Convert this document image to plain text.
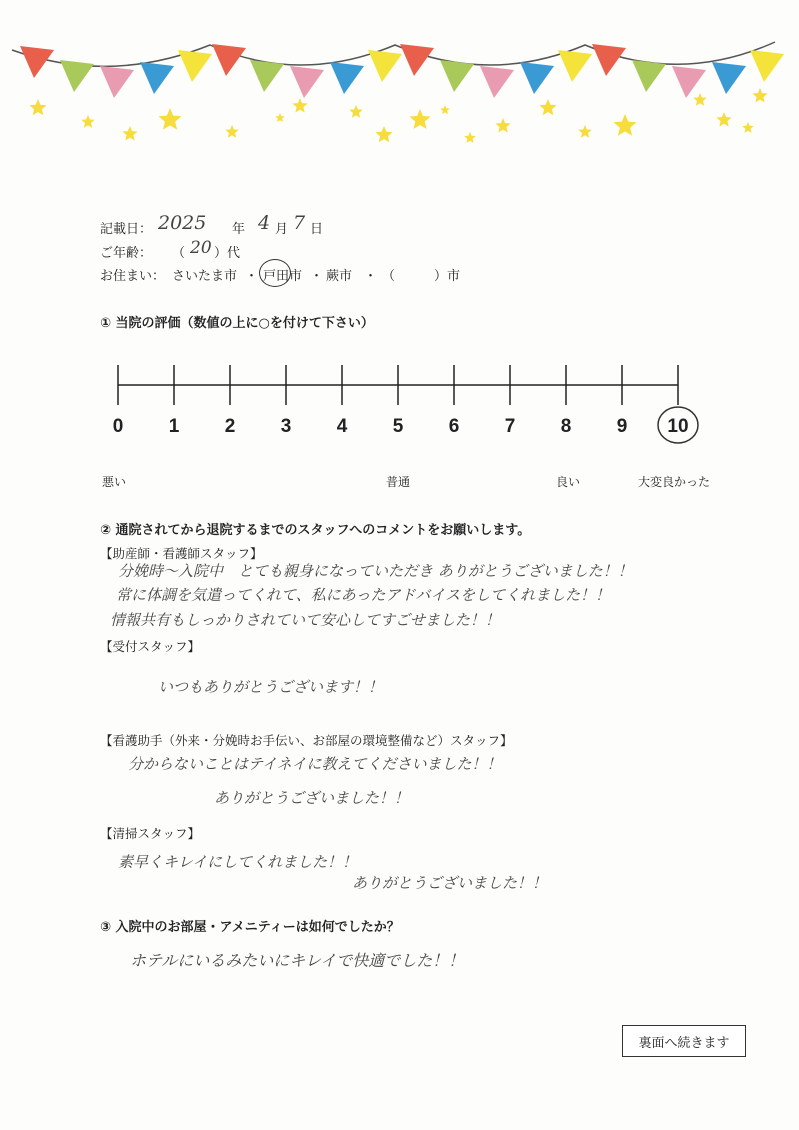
記載日： 2025 年 4 月 7 日
ご年齢： （ 20 ）代
お住まい： さいたま市 ・ 戸田市 ・ 蕨市 ・ （　　　）市
① 当院の評価（数値の上に○を付けて下さい）
0 1 2 3 4 5 6 7 8 9 10
悪い	普通	良い	大変良かった
② 通院されてから退院するまでのスタッフへのコメントをお願いします。
【助産師・看護師スタッフ】
分娩時～入院中　とても親身になっていただき ありがとうございました！！
常に体調を気遣ってくれて、私にあったアドバイスをしてくれました！！
情報共有もしっかりされていて安心してすごせました！！
【受付スタッフ】
いつもありがとうございます！！
【看護助手（外来・分娩時お手伝い、お部屋の環境整備など）スタッフ】
分からないことはテイネイに教えてくださいました！！
ありがとうございました！！
【清掃スタッフ】
素早くキレイにしてくれました！！
ありがとうございました！！
③ 入院中のお部屋・アメニティーは如何でしたか？
ホテルにいるみたいにキレイで快適でした！！
裏面へ続きます
